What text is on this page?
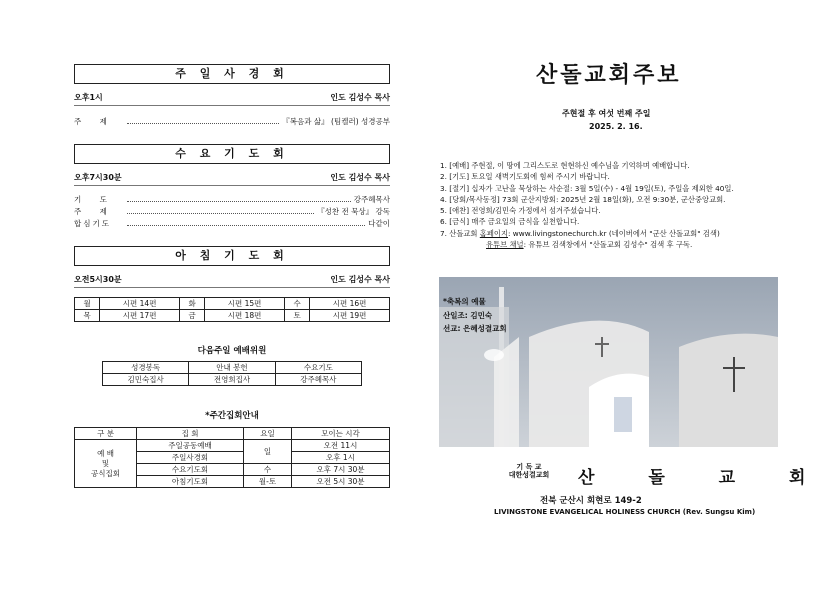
주 일 사 경 회
오후1시	인도 김성수 목사
주 제	『복음과 삶』 (팀켈러) 성경공부
수 요 기 도 회
오후7시30분	인도 김성수 목사
기 도	강주혜목사
주 제	『성찬 전 묵상』 강독
합심기도	다같이
아 침 기 도 회
오전5시30분	인도 김성수 목사
월	시편 14편	화	시편 15편	수	시편 16편
목	시편 17편	금	시편 18편	토	시편 19편
다음주일 예배위원
성경봉독	안내 봉헌	수요기도
김민숙집사	전영희집사	강주혜목사
*주간집회안내
구 분	집 회	요일	모이는 시각
예 배
및
공식집회	주일공동예배	일	오전 11시
	주일사경회		오후 1시
	수요기도회	수	오후 7시 30분
	아침기도회	월-토	오전 5시 30분
산돌교회주보
주현절 후 여섯 번째 주일
2025. 2. 16.
1. [예배] 주현절, 이 땅에 그리스도로 현현하신 예수님을 기억하며 예배합니다.
2. [기도] 토요일 새벽기도회에 힘써 주시기 바랍니다.
3. [절기] 십자가 고난을 묵상하는 사순절: 3월 5일(수) - 4월 19일(토), 주일을 제외한 40일.
4. [당회/목사동정] 73회 군산지방회: 2025년 2월 18일(화), 오전 9:30분, 군산중앙교회.
5. [애찬] 전영희/김민숙 가정에서 섬겨주셨습니다.
6. [금식] 매주 금요일의 금식을 실천합니다.
7. 산돌교회 홈페이지: www.livingstonechurch.kr (네이버에서 "군산 산돌교회" 검색)
유튜브 채널: 유튜브 검색창에서 "산돌교회 김성수" 검색 후 구독.
*축복의 예물
산일조: 김민숙
선교: 은혜성결교회
기 독 교
대한성결교회	산 돌 교 회
전북 군산시 회현로 149-2
LIVINGSTONE EVANGELICAL HOLINESS CHURCH (Rev. Sungsu Kim)
